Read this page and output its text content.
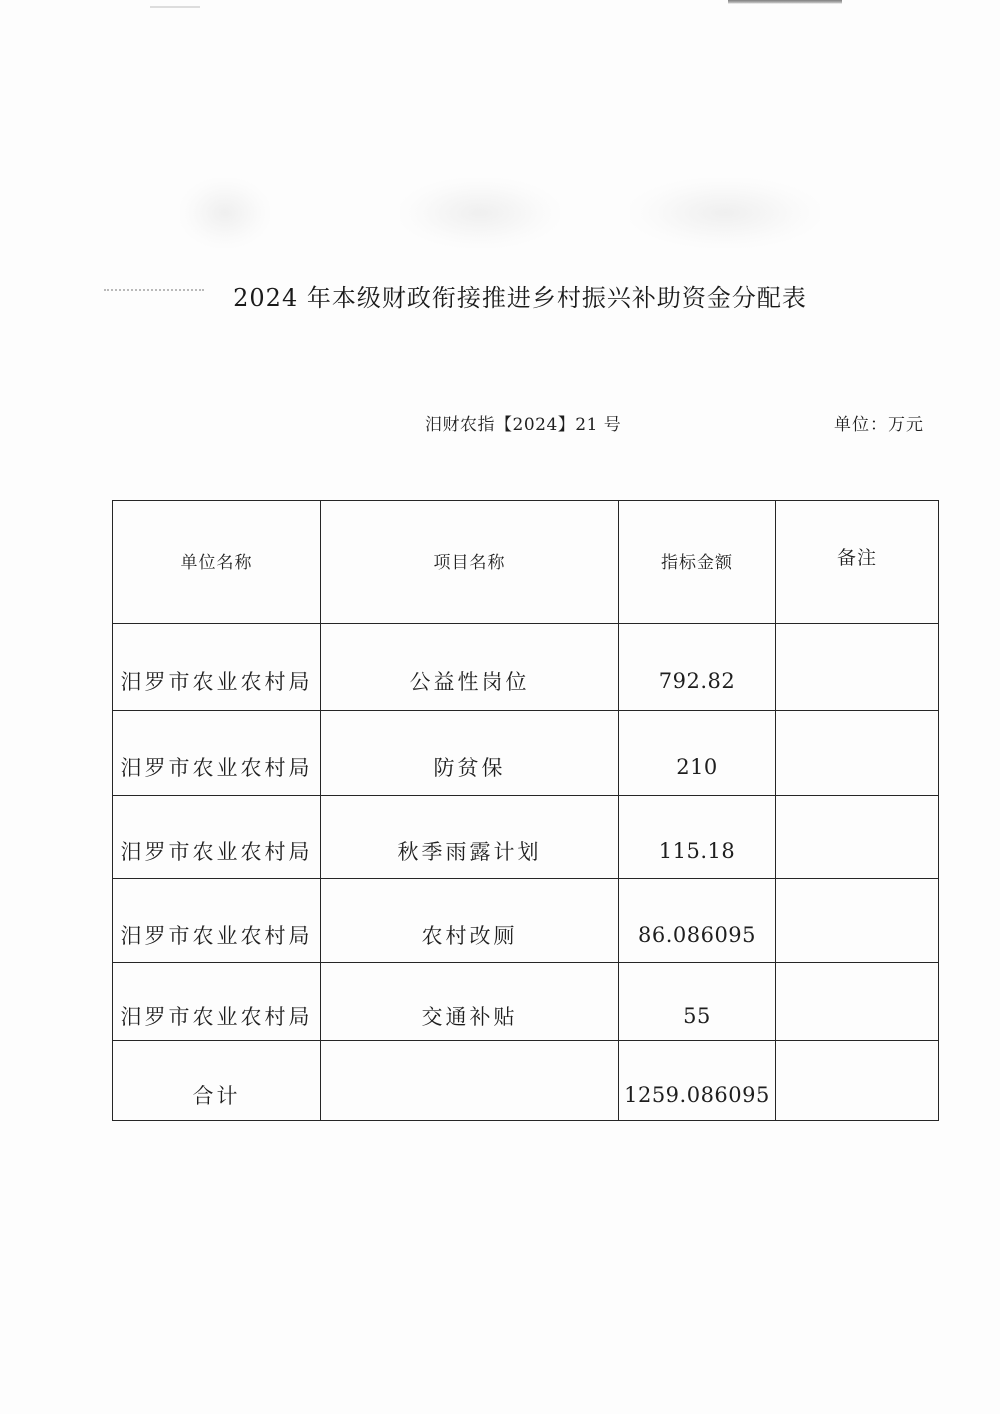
2024 年本级财政衔接推进乡村振兴补助资金分配表
汨财农指【2024】21 号	单位：万元
单位名称	项目名称	指标金额	备注
汨罗市农业农村局	公益性岗位	792.82	
汨罗市农业农村局	防贫保	210	
汨罗市农业农村局	秋季雨露计划	115.18	
汨罗市农业农村局	农村改厕	86.086095	
汨罗市农业农村局	交通补贴	55	
合计		1259.086095	
